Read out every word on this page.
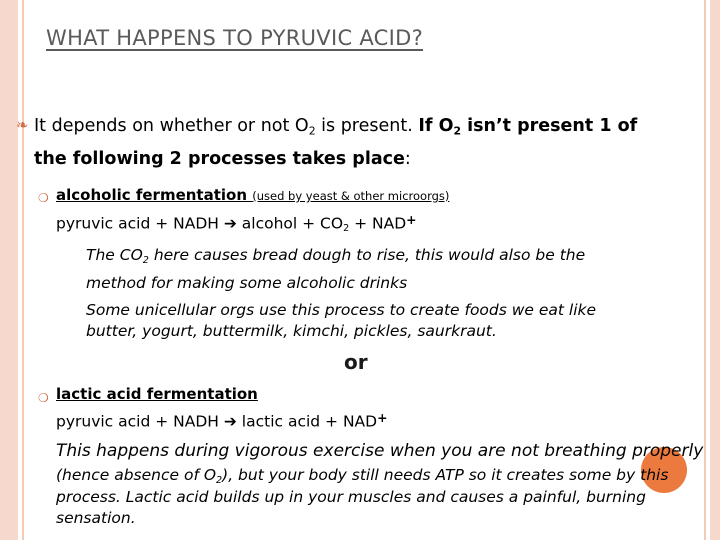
WHAT HAPPENS TO PYRUVIC ACID?
❧ It depends on whether or not $O_2$ is present. If $O_2$ isn’t present 1 of
the following 2 processes takes place:
❍ alcoholic fermentation (used by yeast & other microorgs)
pyruvic acid + NADH ➔ alcohol + $CO_2 + NAD^+$
The $CO_2$ here causes bread dough to rise, this would also be the
method for making some alcoholic drinks
Some unicellular orgs use this process to create foods we eat like
butter, yogurt, buttermilk, kimchi, pickles, saurkraut.
or
❍ lactic acid fermentation
pyruvic acid + NADH ➔ lactic acid + NAD+
This happens during vigorous exercise when you are not breathing properly
(hence absence of $O_2$), but your body still needs ATP so it creates some by this
process. Lactic acid builds up in your muscles and causes a painful, burning
sensation.
